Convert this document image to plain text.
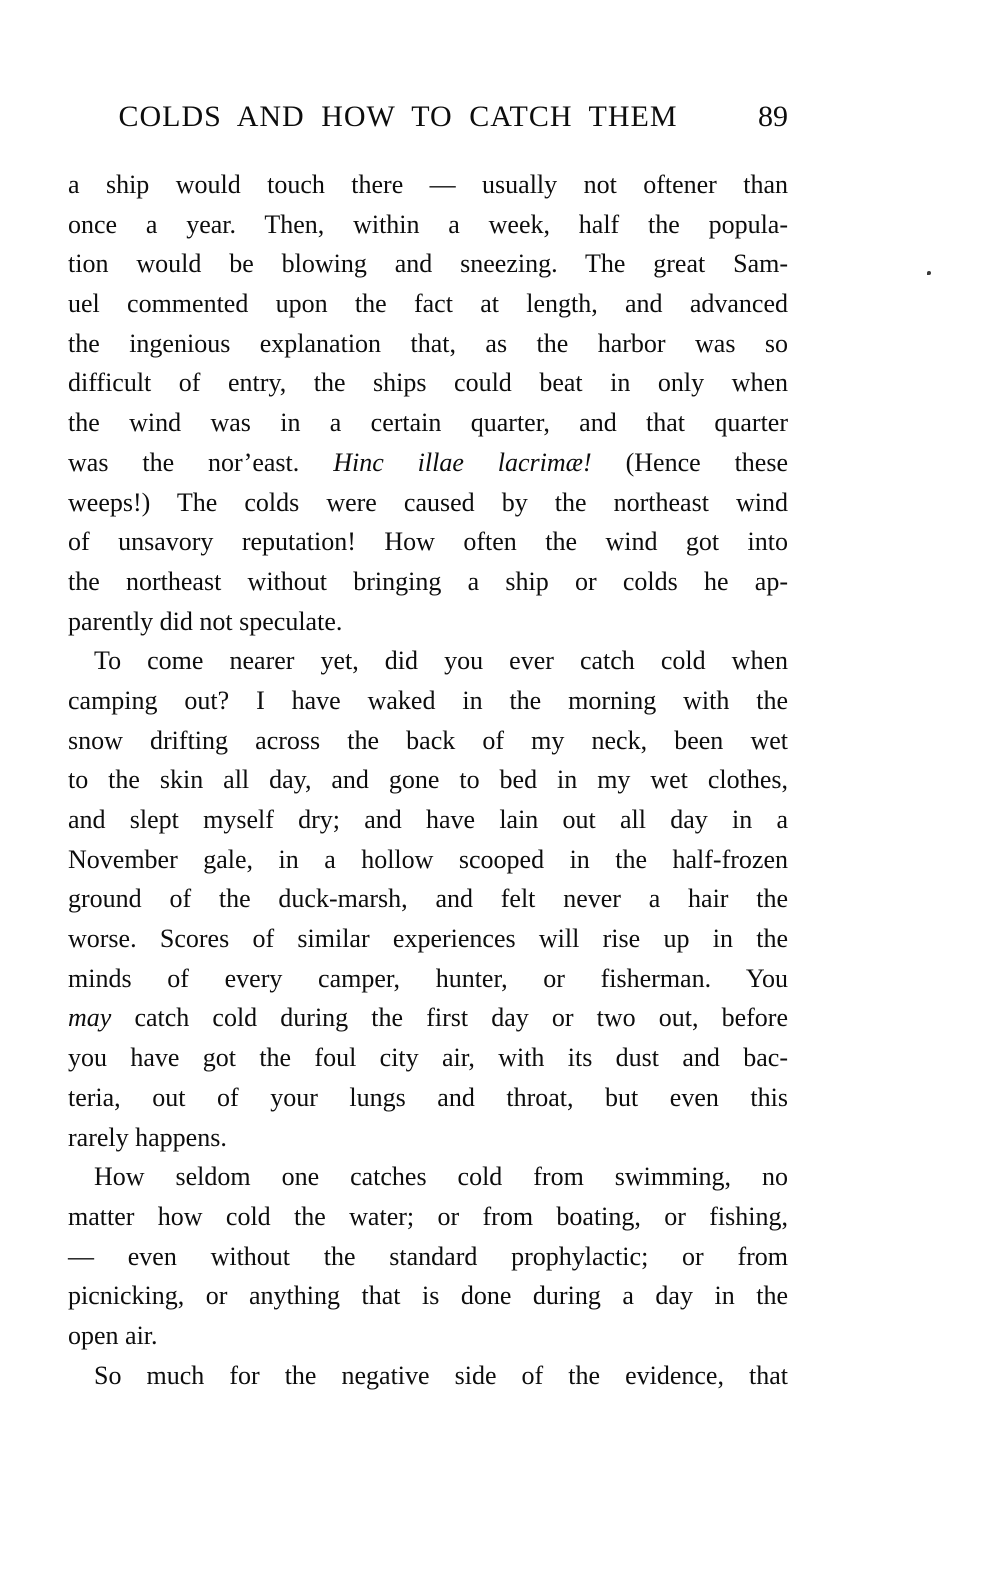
COLDS AND HOW TO CATCH THEM	89
a ship would touch there — usually not oftener than
once a year. Then, within a week, half the popula-
tion would be blowing and sneezing. The great Sam-
uel commented upon the fact at length, and advanced
the ingenious explanation that, as the harbor was so
difficult of entry, the ships could beat in only when
the wind was in a certain quarter, and that quarter
was the nor’east. Hinc illae lacrimæ! (Hence these
weeps!) The colds were caused by the northeast wind
of unsavory reputation! How often the wind got into
the northeast without bringing a ship or colds he ap-
parently did not speculate.
To come nearer yet, did you ever catch cold when
camping out? I have waked in the morning with the
snow drifting across the back of my neck, been wet
to the skin all day, and gone to bed in my wet clothes,
and slept myself dry; and have lain out all day in a
November gale, in a hollow scooped in the half-frozen
ground of the duck-marsh, and felt never a hair the
worse. Scores of similar experiences will rise up in the
minds of every camper, hunter, or fisherman. You
may catch cold during the first day or two out, before
you have got the foul city air, with its dust and bac-
teria, out of your lungs and throat, but even this
rarely happens.
How seldom one catches cold from swimming, no
matter how cold the water; or from boating, or fishing,
— even without the standard prophylactic; or from
picnicking, or anything that is done during a day in the
open air.
So much for the negative side of the evidence, that
